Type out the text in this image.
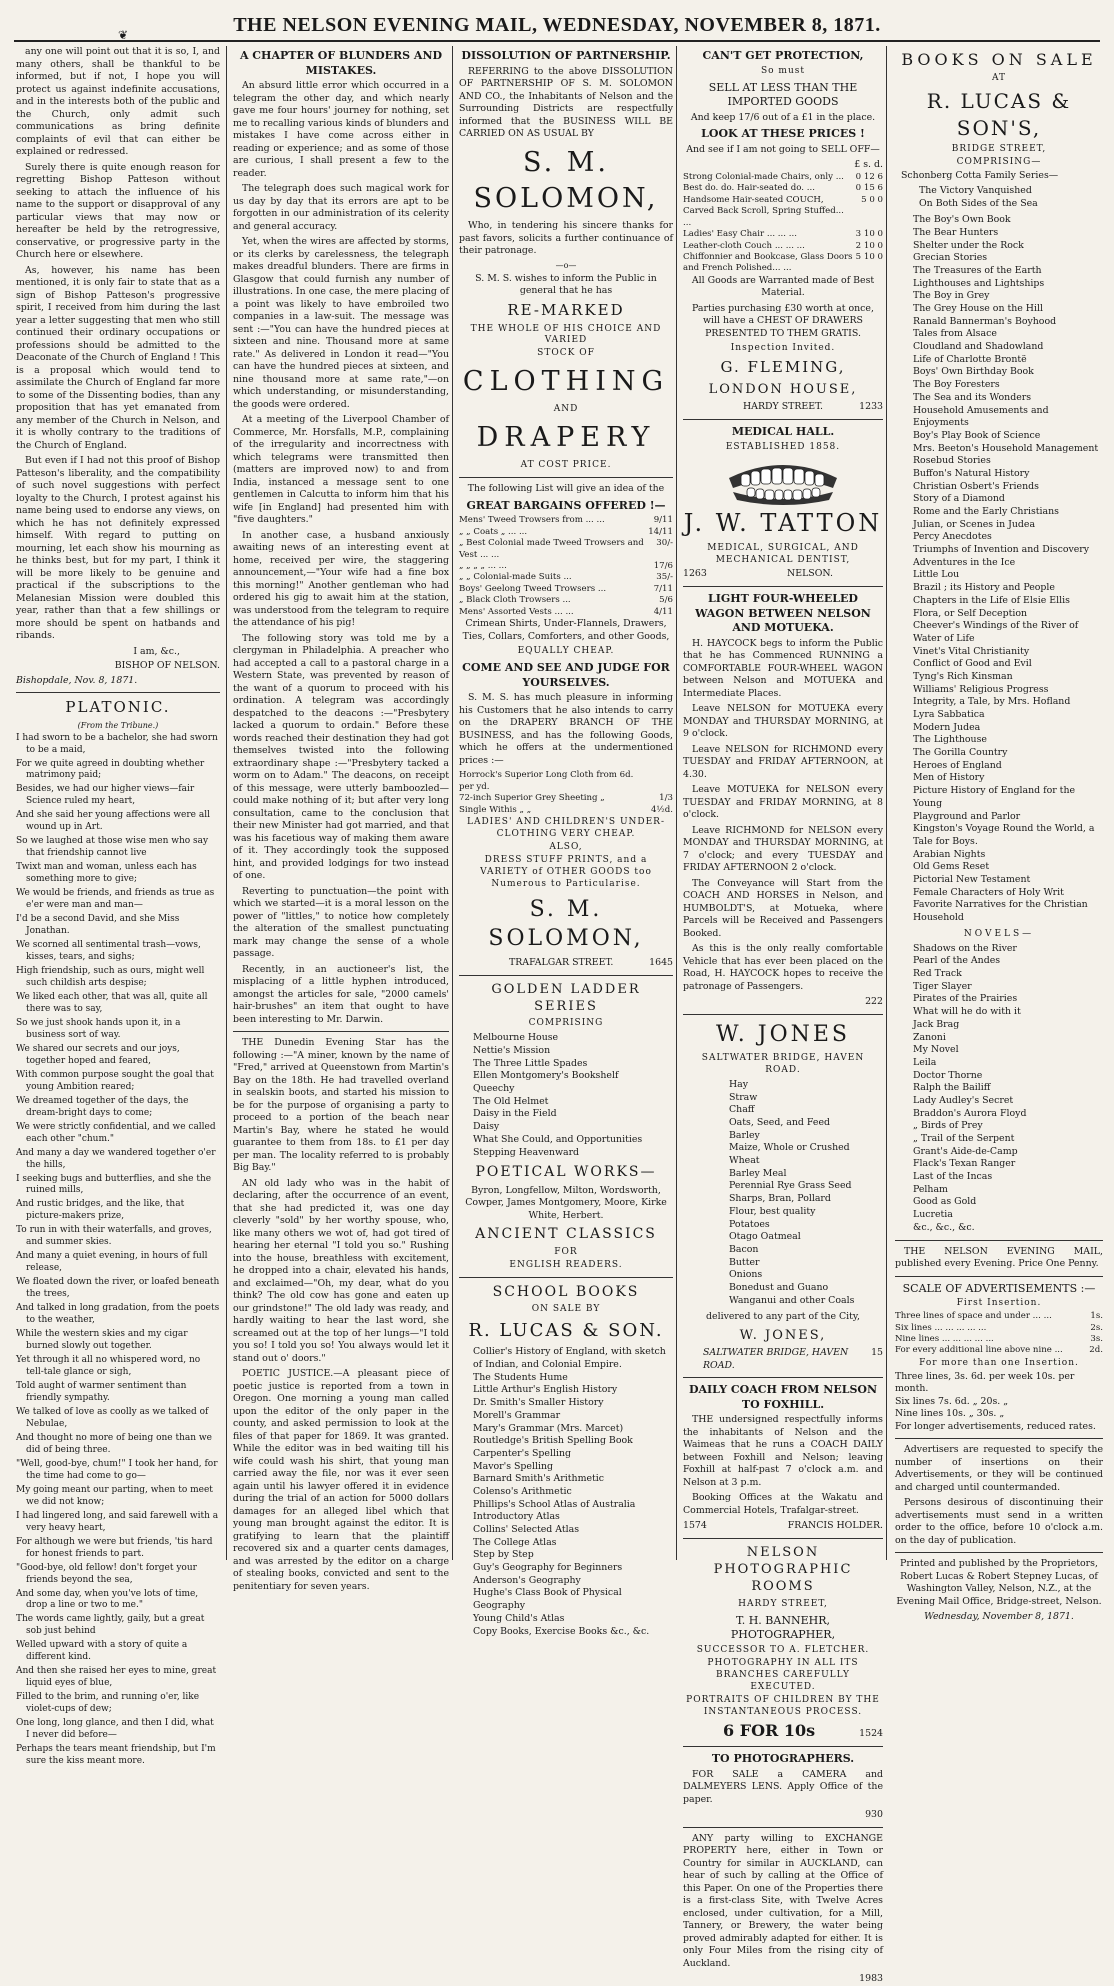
THE NELSON EVENING MAIL, WEDNESDAY, NOVEMBER 8, 1871.
❦

any one will point out that it is so, I, and many others, shall be thankful to be informed, but if not, I hope you will protect us against indefinite accusations, and in the interests both of the public and the Church, only admit such communications as bring definite complaints of evil that can either be explained or redressed.

Surely there is quite enough reason for regretting Bishop Patteson without seeking to attach the influence of his name to the support or disapproval of any particular views that may now or hereafter be held by the retrogressive, conservative, or progressive party in the Church here or elsewhere.

As, however, his name has been mentioned, it is only fair to state that as a sign of Bishop Patteson's progressive spirit, I received from him during the last year a letter suggesting that men who still continued their ordinary occupations or professions should be admitted to the Deaconate of the Church of England ! This is a proposal which would tend to assimilate the Church of England far more to some of the Dissenting bodies, than any proposition that has yet emanated from any member of the Church in Nelson, and it is wholly contrary to the traditions of the Church of England.

But even if I had not this proof of Bishop Patteson's liberality, and the compatibility of such novel suggestions with perfect loyalty to the Church, I protest against his name being used to endorse any views, on which he has not definitely expressed himself. With regard to putting on mourning, let each show his mourning as he thinks best, but for my part, I think it will be more likely to be genuine and practical if the subscriptions to the Melanesian Mission were doubled this year, rather than that a few shillings or more should be spent on hatbands and ribands.

I am, &c.,
BISHOP OF NELSON.
Bishopdale, Nov. 8, 1871.
PLATONIC.
(From the Tribune.)

I had sworn to be a bachelor, she had sworn to be a maid,

For we quite agreed in doubting whether matrimony paid;

Besides, we had our higher views—fair Science ruled my heart,

And she said her young affections were all wound up in Art.

So we laughed at those wise men who say that friendship cannot live

Twixt man and woman, unless each has something more to give;

We would be friends, and friends as true as e'er were man and man—

I'd be a second David, and she Miss Jonathan.

We scorned all sentimental trash—vows, kisses, tears, and sighs;

High friendship, such as ours, might well such childish arts despise;

We liked each other, that was all, quite all there was to say,

So we just shook hands upon it, in a business sort of way.

We shared our secrets and our joys, together hoped and feared,

With common purpose sought the goal that young Ambition reared;

We dreamed together of the days, the dream-bright days to come;

We were strictly confidential, and we called each other "chum."

And many a day we wandered together o'er the hills,

I seeking bugs and butterflies, and she the ruined mills,

And rustic bridges, and the like, that picture-makers prize,

To run in with their waterfalls, and groves, and summer skies.

And many a quiet evening, in hours of full release,

We floated down the river, or loafed beneath the trees,

And talked in long gradation, from the poets to the weather,

While the western skies and my cigar burned slowly out together.

Yet through it all no whispered word, no tell-tale glance or sigh,

Told aught of warmer sentiment than friendly sympathy.

We talked of love as coolly as we talked of Nebulae,

And thought no more of being one than we did of being three.

"Well, good-bye, chum!" I took her hand, for the time had come to go—

My going meant our parting, when to meet we did not know;

I had lingered long, and said farewell with a very heavy heart,

For although we were but friends, 'tis hard for honest friends to part.

"Good-bye, old fellow! don't forget your friends beyond the sea,

And some day, when you've lots of time, drop a line or two to me."

The words came lightly, gaily, but a great sob just behind

Welled upward with a story of quite a different kind.

And then she raised her eyes to mine, great liquid eyes of blue,

Filled to the brim, and running o'er, like violet-cups of dew;

One long, long glance, and then I did, what I never did before—

Perhaps the tears meant friendship, but I'm sure the kiss meant more.

A CHAPTER OF BLUNDERS AND MISTAKES.

An absurd little error which occurred in a telegram the other day, and which nearly gave me four hours' journey for nothing, set me to recalling various kinds of blunders and mistakes I have come across either in reading or experience; and as some of those are curious, I shall present a few to the reader.

The telegraph does such magical work for us day by day that its errors are apt to be forgotten in our administration of its celerity and general accuracy.

Yet, when the wires are affected by storms, or its clerks by carelessness, the telegraph makes dreadful blunders. There are firms in Glasgow that could furnish any number of illustrations. In one case, the mere placing of a point was likely to have embroiled two companies in a law-suit. The message was sent :—"You can have the hundred pieces at sixteen and nine. Thousand more at same rate." As delivered in London it read—"You can have the hundred pieces at sixteen, and nine thousand more at same rate,"—on which understanding, or misunderstanding, the goods were ordered.

At a meeting of the Liverpool Chamber of Commerce, Mr. Horsfalls, M.P., complaining of the irregularity and incorrectness with which telegrams were transmitted then (matters are improved now) to and from India, instanced a message sent to one gentlemen in Calcutta to inform him that his wife [in England] had presented him with "five daughters."

In another case, a husband anxiously awaiting news of an interesting event at home, received per wire, the staggering announcement,—"Your wife had a fine box this morning!" Another gentleman who had ordered his gig to await him at the station, was understood from the telegram to require the attendance of his pig!

The following story was told me by a clergyman in Philadelphia. A preacher who had accepted a call to a pastoral charge in a Western State, was prevented by reason of the want of a quorum to proceed with his ordination. A telegram was accordingly despatched to the deacons :—"Presbytery lacked a quorum to ordain." Before these words reached their destination they had got themselves twisted into the following extraordinary shape :—"Presbytery tacked a worm on to Adam." The deacons, on receipt of this message, were utterly bamboozled—could make nothing of it; but after very long consultation, came to the conclusion that their new Minister had got married, and that was his facetious way of making them aware of it. They accordingly took the supposed hint, and provided lodgings for two instead of one.

Reverting to punctuation—the point with which we started—it is a moral lesson on the power of "littles," to notice how completely the alteration of the smallest punctuating mark may change the sense of a whole passage.

Recently, in an auctioneer's list, the misplacing of a little hyphen introduced, amongst the articles for sale, "2000 camels' hair-brushes" an item that ought to have been interesting to Mr. Darwin.

THE Dunedin Evening Star has the following :—"A miner, known by the name of "Fred," arrived at Queenstown from Martin's Bay on the 18th. He had travelled overland in sealskin boots, and started his mission to be for the purpose of organising a party to proceed to a portion of the beach near Martin's Bay, where he stated he would guarantee to them from 18s. to £1 per day per man. The locality referred to is probably Big Bay."

AN old lady who was in the habit of declaring, after the occurrence of an event, that she had predicted it, was one day cleverly "sold" by her worthy spouse, who, like many others we wot of, had got tired of hearing her eternal "I told you so." Rushing into the house, breathless with excitement, he dropped into a chair, elevated his hands, and exclaimed—"Oh, my dear, what do you think? The old cow has gone and eaten up our grindstone!" The old lady was ready, and hardly waiting to hear the last word, she screamed out at the top of her lungs—"I told you so! I told you so! You always would let it stand out o' doors."

POETIC JUSTICE.—A pleasant piece of poetic justice is reported from a town in Oregon. One morning a young man called upon the editor of the only paper in the county, and asked permission to look at the files of that paper for 1869. It was granted. While the editor was in bed waiting till his wife could wash his shirt, that young man carried away the file, nor was it ever seen again until his lawyer offered it in evidence during the trial of an action for 5000 dollars damages for an alleged libel which that young man brought against the editor. It is gratifying to learn that the plaintiff recovered six and a quarter cents damages, and was arrested by the editor on a charge of stealing books, convicted and sent to the penitentiary for seven years.

DISSOLUTION OF PARTNERSHIP.

REFERRING to the above DISSOLUTION OF PARTNERSHIP OF S. M. SOLOMON AND CO., the Inhabitants of Nelson and the Surrounding Districts are respectfully informed that the BUSINESS WILL BE CARRIED ON AS USUAL BY

S. M. SOLOMON,

Who, in tendering his sincere thanks for past favors, solicits a further continuance of their patronage.

—o—

S. M. S. wishes to inform the Public in general that he has

RE-MARKED
THE WHOLE OF HIS CHOICE AND VARIED
STOCK OF
CLOTHING
AND
DRAPERY
AT COST PRICE.

The following List will give an idea of the

GREAT BARGAINS OFFERED !—
Mens' Tweed Trowsers from ... ...	9/11
„ „ Coats „ ... ...	14/11
„ Best Colonial made Tweed Trowsers and Vest ... ...	30/-
„ „ „ „ ... ...	17/6
„ „ Colonial-made Suits ...	35/-
Boys' Geelong Tweed Trowsers ...	7/11
„ Black Cloth Trowsers ...	5/6
Mens' Assorted Vests ... ...	4/11

Crimean Shirts, Under-Flannels, Drawers, Ties, Collars, Comforters, and other Goods,

EQUALLY CHEAP.
COME AND SEE AND JUDGE FOR YOURSELVES.

S. M. S. has much pleasure in informing his Customers that he also intends to carry on the DRAPERY BRANCH OF THE BUSINESS, and has the following Goods, which he offers at the undermentioned prices :—

Horrock's Superior Long Cloth from 6d. per yd.	
72-inch Superior Grey Sheeting „	1/3
Single Withis „ „	4½d.
LADIES' AND CHILDREN'S UNDER-CLOTHING VERY CHEAP.
ALSO,
DRESS STUFF PRINTS, and a VARIETY of OTHER GOODS too Numerous to Particularise.
S. M. SOLOMON,
TRAFALGAR STREET.	1645
GOLDEN LADDER SERIES
COMPRISING
Melbourne House
Nettie's Mission
The Three Little Spades
Ellen Montgomery's Bookshelf
Queechy
The Old Helmet
Daisy in the Field
Daisy
What She Could, and Opportunities
Stepping Heavenward
POETICAL WORKS—

Byron, Longfellow, Milton, Wordsworth, Cowper, James Montgomery, Moore, Kirke White, Herbert.

ANCIENT CLASSICS
FOR
ENGLISH READERS.
SCHOOL BOOKS
ON SALE BY
R. LUCAS & SON.
Collier's History of England, with sketch of Indian, and Colonial Empire.
The Students Hume
Little Arthur's English History
Dr. Smith's Smaller History
Morell's Grammar
Mary's Grammar (Mrs. Marcet)
Routledge's British Spelling Book
Carpenter's Spelling
Mavor's Spelling
Barnard Smith's Arithmetic
Colenso's Arithmetic
Phillips's School Atlas of Australia
Introductory Atlas
Collins' Selected Atlas
The College Atlas
Step by Step
Guy's Geography for Beginners
Anderson's Geography
Hughe's Class Book of Physical Geography
Young Child's Atlas
Copy Books, Exercise Books &c., &c.
CAN'T GET PROTECTION,
So must
SELL AT LESS THAN THE IMPORTED GOODS

And keep 17/6 out of a £1 in the place.

LOOK AT THESE PRICES !

And see if I am not going to SELL OFF—

£ s. d.
Strong Colonial-made Chairs, only ...	0 12 6
Best do. do. Hair-seated do. ...	0 15 6
Handsome Hair-seated COUCH, Carved Back Scroll, Spring Stuffed... ...	5 0 0
Ladies' Easy Chair ... ... ...	3 10 0
Leather-cloth Couch ... ... ...	2 10 0
Chiffonnier and Bookcase, Glass Doors and French Polished... ...	5 10 0

All Goods are Warranted made of Best Material.

Parties purchasing £30 worth at once, will have a CHEST OF DRAWERS PRESENTED TO THEM GRATIS.

Inspection Invited.
G. FLEMING,
LONDON HOUSE,
HARDY STREET.	1233
MEDICAL HALL.
ESTABLISHED 1858.
J. W. TATTON
MEDICAL, SURGICAL, AND MECHANICAL DENTIST,
1263	NELSON.
LIGHT FOUR-WHEELED WAGON BETWEEN NELSON AND MOTUEKA.

H. HAYCOCK begs to inform the Public that he has Commenced RUNNING a COMFORTABLE FOUR-WHEEL WAGON between Nelson and MOTUEKA and Intermediate Places.

Leave NELSON for MOTUEKA every MONDAY and THURSDAY MORNING, at 9 o'clock.

Leave NELSON for RICHMOND every TUESDAY and FRIDAY AFTERNOON, at 4.30.

Leave MOTUEKA for NELSON every TUESDAY and FRIDAY MORNING, at 8 o'clock.

Leave RICHMOND for NELSON every MONDAY and THURSDAY MORNING, at 7 o'clock; and every TUESDAY and FRIDAY AFTERNOON 2 o'clock.

The Conveyance will Start from the COACH AND HORSES in Nelson, and HUMBOLDT'S, at Motueka, where Parcels will be Received and Passengers Booked.

As this is the only really comfortable Vehicle that has ever been placed on the Road, H. HAYCOCK hopes to receive the patronage of Passengers.

222
W. JONES
SALTWATER BRIDGE, HAVEN ROAD.
Hay
Straw
Chaff
Oats, Seed, and Feed
Barley
Maize, Whole or Crushed
Wheat
Barley Meal
Perennial Rye Grass Seed
Sharps, Bran, Pollard
Flour, best quality
Potatoes
Otago Oatmeal
Bacon
Butter
Onions
Bonedust and Guano
Wanganui and other Coals

delivered to any part of the City,

W. JONES,
SALTWATER BRIDGE, HAVEN ROAD.
15
DAILY COACH FROM NELSON TO FOXHILL.

THE undersigned respectfully informs the inhabitants of Nelson and the Waimeas that he runs a COACH DAILY between Foxhill and Nelson; leaving Foxhill at half-past 7 o'clock a.m. and Nelson at 3 p.m.

Booking Offices at the Wakatu and Commercial Hotels, Trafalgar-street.

1574	FRANCIS HOLDER.
NELSON PHOTOGRAPHIC ROOMS
HARDY STREET,
T. H. BANNEHR, PHOTOGRAPHER,
SUCCESSOR TO A. FLETCHER.
PHOTOGRAPHY IN ALL ITS BRANCHES CAREFULLY EXECUTED.
PORTRAITS OF CHILDREN BY THE INSTANTANEOUS PROCESS.
6 FOR 10s	1524
TO PHOTOGRAPHERS.

FOR SALE a CAMERA and DALMEYERS LENS. Apply Office of the paper.

930

ANY party willing to EXCHANGE PROPERTY here, either in Town or Country for similar in AUCKLAND, can hear of such by calling at the Office of this Paper. On one of the Properties there is a first-class Site, with Twelve Acres enclosed, under cultivation, for a Mill, Tannery, or Brewery, the water being proved admirably adapted for either. It is only Four Miles from the rising city of Auckland.

1983
BOOKS ON SALE
AT
R. LUCAS & SON'S,
BRIDGE STREET,
COMPRISING—
Schonberg Cotta Family Series—
The Victory Vanquished
On Both Sides of the Sea
The Boy's Own Book
The Bear Hunters
Shelter under the Rock
Grecian Stories
The Treasures of the Earth
Lighthouses and Lightships
The Boy in Grey
The Grey House on the Hill
Ranald Bannerman's Boyhood
Tales from Alsace
Cloudland and Shadowland
Life of Charlotte Brontë
Boys' Own Birthday Book
The Boy Foresters
The Sea and its Wonders
Household Amusements and Enjoyments
Boy's Play Book of Science
Mrs. Beeton's Household Management
Rosebud Stories
Buffon's Natural History
Christian Osbert's Friends
Story of a Diamond
Rome and the Early Christians
Julian, or Scenes in Judea
Percy Anecdotes
Triumphs of Invention and Discovery
Adventures in the Ice
Little Lou
Brazil ; its History and People
Chapters in the Life of Elsie Ellis
Flora, or Self Deception
Cheever's Windings of the River of Water of Life
Vinet's Vital Christianity
Conflict of Good and Evil
Tyng's Rich Kinsman
Williams' Religious Progress
Integrity, a Tale, by Mrs. Hofland
Lyra Sabbatica
Modern Judea
The Lighthouse
The Gorilla Country
Heroes of England
Men of History
Picture History of England for the Young
Playground and Parlor
Kingston's Voyage Round the World, a Tale for Boys.
Arabian Nights
Old Gems Reset
Pictorial New Testament
Female Characters of Holy Writ
Favorite Narratives for the Christian Household
NOVELS—
Shadows on the River
Pearl of the Andes
Red Track
Tiger Slayer
Pirates of the Prairies
What will he do with it
Jack Brag
Zanoni
My Novel
Leila
Doctor Thorne
Ralph the Bailiff
Lady Audley's Secret
Braddon's Aurora Floyd
„ Birds of Prey
„ Trail of the Serpent
Grant's Aide-de-Camp
Flack's Texan Ranger
Last of the Incas
Pelham
Good as Gold
Lucretia
&c., &c., &c.

THE NELSON EVENING MAIL, published every Evening. Price One Penny.

SCALE OF ADVERTISEMENTS :—
First Insertion.
Three lines of space and under ... ...	1s.
Six lines ... ... ... ... ...	2s.
Nine lines ... ... ... ... ...	3s.
For every additional line above nine ...	2d.
For more than one Insertion.
Three lines, 3s. 6d. per week 10s. per month.
Six lines 7s. 6d. „ 20s. „
Nine lines 10s. „ 30s. „
For longer advertisements, reduced rates.

Advertisers are requested to specify the number of insertions on their Advertisements, or they will be continued and charged until countermanded.

Persons desirous of discontinuing their advertisements must send in a written order to the office, before 10 o'clock a.m. on the day of publication.

Printed and published by the Proprietors, Robert Lucas & Robert Stepney Lucas, of Washington Valley, Nelson, N.Z., at the Evening Mail Office, Bridge-street, Nelson.

Wednesday, November 8, 1871.
